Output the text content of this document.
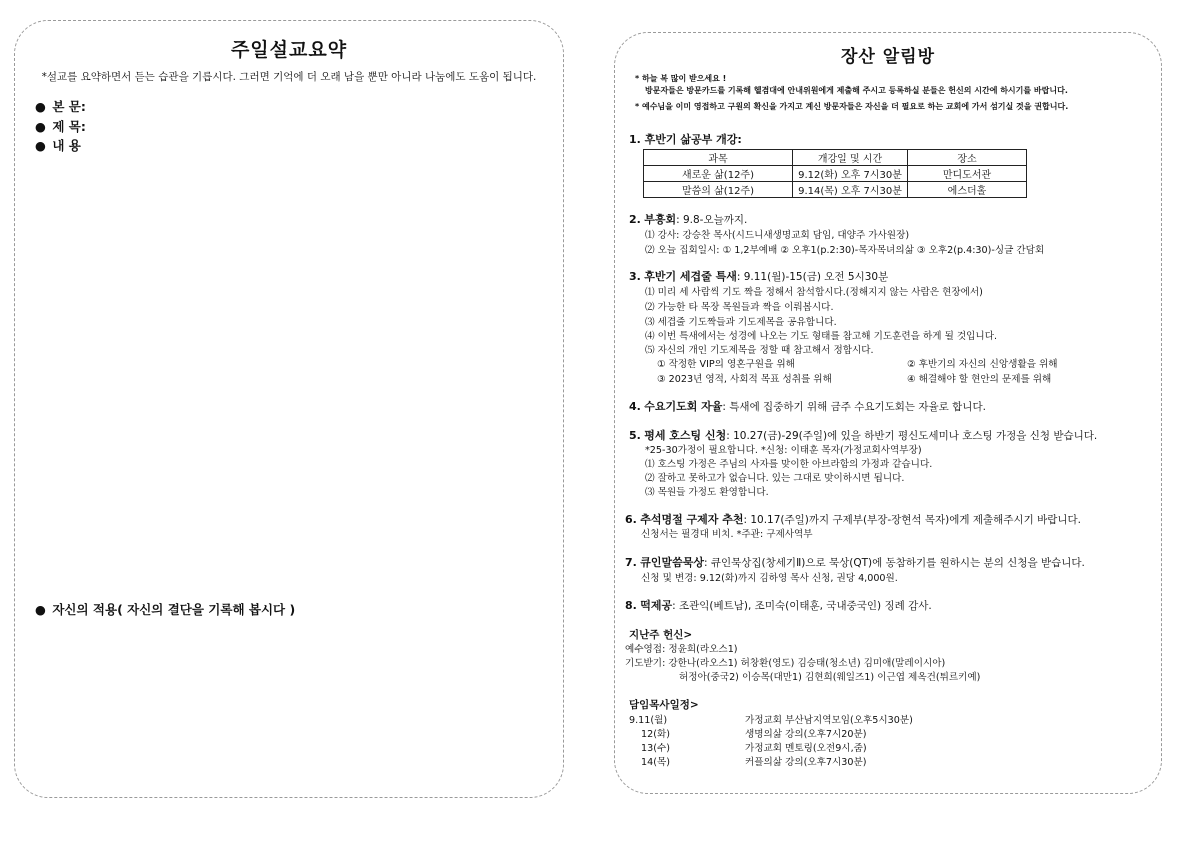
주일설교요약
*설교를 요약하면서 듣는 습관을 기릅시다. 그러면 기억에 더 오래 남을 뿐만 아니라 나눔에도 도움이 됩니다.
● 본 문:
● 제 목:
● 내 용
● 자신의 적용( 자신의 결단을 기록해 봅시다 )
장산 알림방
* 하늘 복 많이 받으세요 !
방문자들은 방문카드를 기록해 헬겸대에 안내위원에게 제출해 주시고 등록하실 분들은 헌신의 시간에 하시기를 바랍니다.
* 예수님을 이미 영접하고 구원의 확신을 가지고 계신 방문자들은 자신을 더 필요로 하는 교회에 가서 섬기실 것을 권합니다.
1. 후반기 삶공부 개강:
과목	개강일 및 시간	장소
새로운 삶(12주)	9.12(화) 오후 7시30분	만디도서관
말씀의 삶(12주)	9.14(목) 오후 7시30분	에스더홀
2. 부흥회: 9.8-오늘까지.
⑴ 강사: 강승찬 목사(시드니새생명교회 담임, 대양주 가사원장)
⑵ 오늘 집회일시: ① 1,2부예배 ② 오후1(p.2:30)-목자목녀의삶 ③ 오후2(p.4:30)-싱글 간담회
3. 후반기 세겹줄 특새: 9.11(월)-15(금) 오전 5시30분
⑴ 미리 세 사람씩 기도 짝을 정해서 참석합시다.(정해지지 않는 사람은 현장에서)
⑵ 가능한 타 목장 목원들과 짝을 이뤄봅시다.
⑶ 세겹줄 기도짝들과 기도제목을 공유합니다.
⑷ 이번 특새에서는 성경에 나오는 기도 형태를 참고해 기도훈련을 하게 될 것입니다.
⑸ 자신의 개인 기도제목을 정할 때 참고해서 정합시다.
① 작정한 VIP의 영혼구원을 위해	② 후반기의 자신의 신앙생활을 위해
③ 2023년 영적, 사회적 목표 성취를 위해	④ 해결해야 할 현안의 문제를 위해
4. 수요기도회 자율: 특새에 집중하기 위해 금주 수요기도회는 자율로 합니다.
5. 평세 호스팅 신청: 10.27(금)-29(주일)에 있을 하반기 평신도세미나 호스팅 가정을 신청 받습니다.
*25-30가정이 필요합니다. *신청: 이태훈 목자(가정교회사역부장)
⑴ 호스팅 가정은 주님의 사자를 맞이한 아브라함의 가정과 같습니다.
⑵ 잘하고 못하고가 없습니다. 있는 그대로 맞이하시면 됩니다.
⑶ 목원들 가정도 환영합니다.
6. 추석명절 구제자 추천: 10.17(주일)까지 구제부(부장-장현석 목자)에게 제출해주시기 바랍니다.
신청서는 필경대 비치. *주관: 구제사역부
7. 큐인말씀묵상: 큐인묵상집(창세기Ⅱ)으로 묵상(QT)에 동참하기를 원하시는 분의 신청을 받습니다.
신청 및 변경: 9.12(화)까지 김하영 목사 신청, 권당 4,000원.
8. 떡제공: 조관익(베트남), 조미숙(이태훈, 국내중국인) 징례 감사.
지난주 헌신>
예수영접: 정윤희(라오스1)
기도받기: 강한나(라오스1) 허창환(영도) 김승태(청소년) 김미애(말레이시아)
허정아(중국2) 이승목(대만1) 김현희(웨일즈1) 이근엽 제옥건(튀르키예)
담임목사일정>
9.11(월)	가정교회 부산남지역모임(오후5시30분)
12(화)	생명의삶 강의(오후7시20분)
13(수)	가정교회 멘토링(오전9시,줌)
14(목)	커플의삶 강의(오후7시30분)
